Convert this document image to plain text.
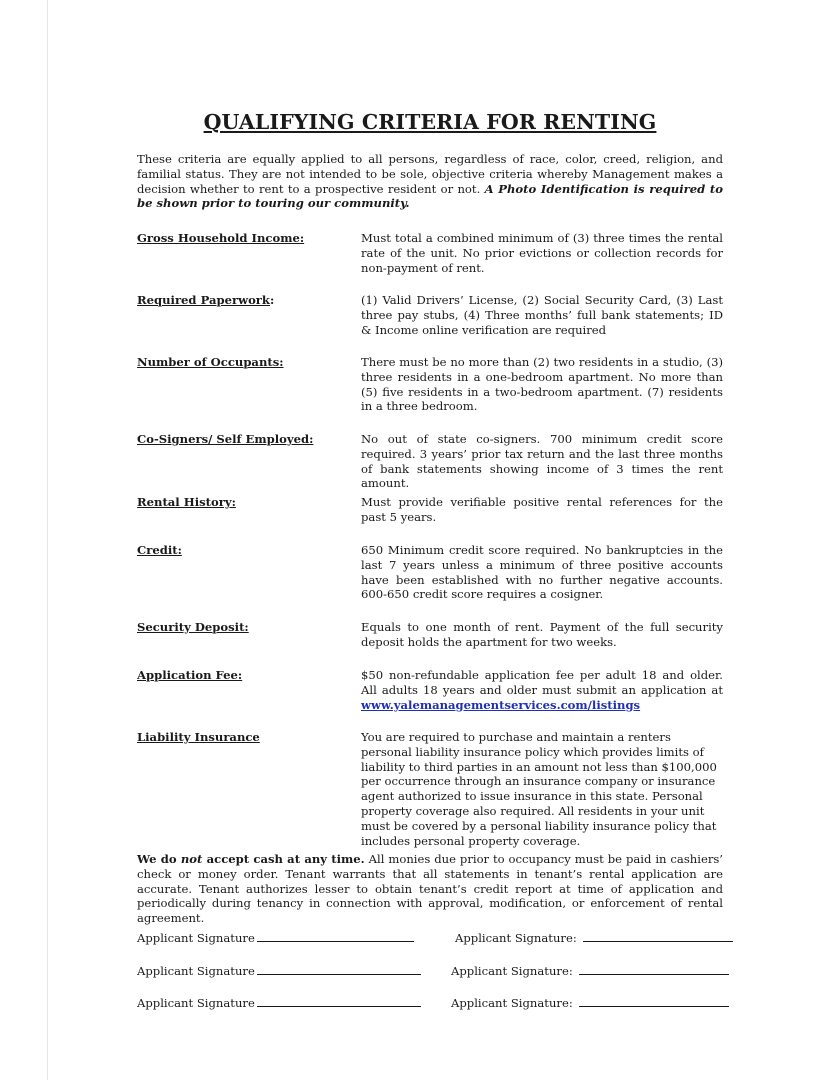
QUALIFYING CRITERIA FOR RENTING

These criteria are equally applied to all persons, regardless of race, color, creed, religion, and familial status. They are not intended to be sole, objective criteria whereby Management makes a decision whether to rent to a prospective resident or not. A Photo Identification is required to be shown prior to touring our community.

Gross Household Income:	Must total a combined minimum of (3) three times the rental rate of the unit. No prior evictions or collection records for non-payment of rent.
Required Paperwork:	(1) Valid Drivers’ License, (2) Social Security Card, (3) Last three pay stubs, (4) Three months’ full bank statements; ID & Income online verification are required
Number of Occupants:	There must be no more than (2) two residents in a studio, (3) three residents in a one-bedroom apartment. No more than (5) five residents in a two-bedroom apartment. (7) residents in a three bedroom.
Co-Signers/ Self Employed:	No out of state co-signers. 700 minimum credit score required. 3 years’ prior tax return and the last three months of bank statements showing income of 3 times the rent amount.
Rental History:	Must provide verifiable positive rental references for the past 5 years.
Credit:	650 Minimum credit score required. No bankruptcies in the last 7 years unless a minimum of three positive accounts have been established with no further negative accounts. 600-650 credit score requires a cosigner.
Security Deposit:	Equals to one month of rent. Payment of the full security deposit holds the apartment for two weeks.
Application Fee:	$50 non-refundable application fee per adult 18 and older. All adults 18 years and older must submit an application at www.yalemanagementservices.com/listings
Liability Insurance	You are required to purchase and maintain a renters personal liability insurance policy which provides limits of liability to third parties in an amount not less than $100,000 per occurrence through an insurance company or insurance agent authorized to issue insurance in this state. Personal property coverage also required. All residents in your unit must be covered by a personal liability insurance policy that includes personal property coverage.

We do not accept cash at any time. All monies due prior to occupancy must be paid in cashiers’ check or money order. Tenant warrants that all statements in tenant’s rental application are accurate. Tenant authorizes lesser to obtain tenant’s credit report at time of application and periodically during tenancy in connection with approval, modification, or enforcement of rental agreement.

Applicant Signature	Applicant Signature:
Applicant Signature	Applicant Signature:
Applicant Signature	Applicant Signature:
